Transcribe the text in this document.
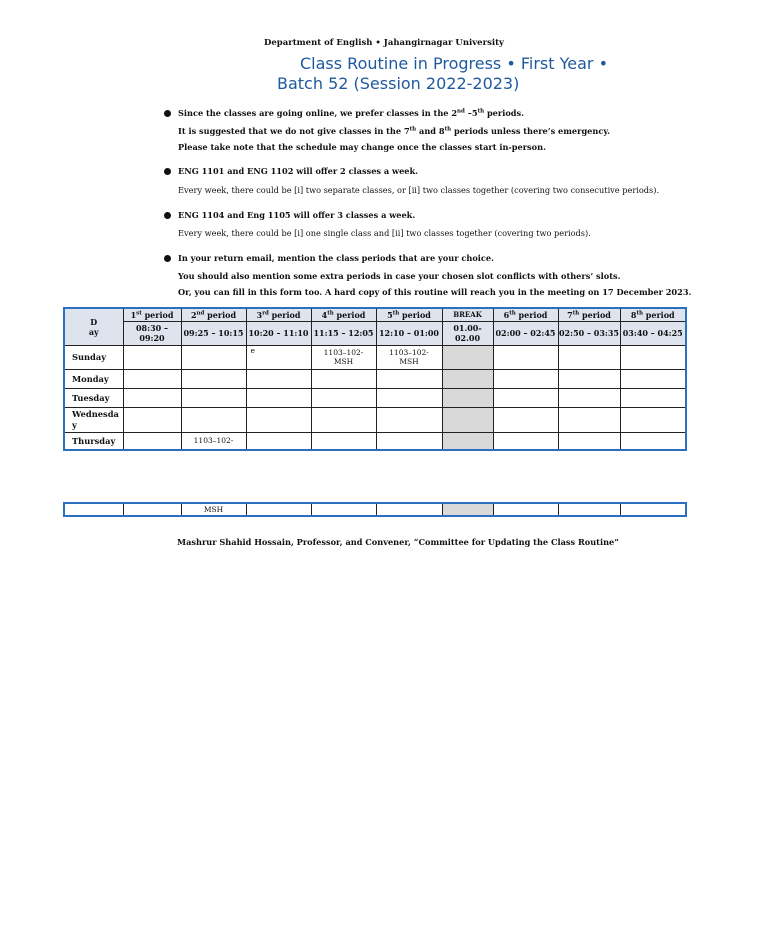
Department of English • Jahangirnagar University
Class Routine in Progress • First Year •
Batch 52 (Session 2022-2023)
Since the classes are going online, we prefer classes in the 2nd –5th periods.
It is suggested that we do not give classes in the 7th and 8th periods unless there’s emergency.
Please take note that the schedule may change once the classes start in-person.
ENG 1101 and ENG 1102 will offer 2 classes a week.
Every week, there could be [i] two separate classes, or [ii] two classes together (covering two consecutive periods).
ENG 1104 and Eng 1105 will offer 3 classes a week.
Every week, there could be [i] one single class and [ii] two classes together (covering two periods).
In your return email, mention the class periods that are your choice.
You should also mention some extra periods in case your chosen slot conflicts with others’ slots.
Or, you can fill in this form too. A hard copy of this routine will reach you in the meeting on 17 December 2023.
D
ay	1st period	2nd period	3rd period	4th period	5th period	BREAK	6th period	7th period	8th period
	08:30 – 09:20	09:25 – 10:15	10:20 – 11:10	11:15 – 12:05	12:10 – 01:00	01.00-02.00	02:00 – 02:45	02:50 – 03:35	03:40 – 04:25
Sunday			e	1103–102-MSH	1103–102-MSH				
Monday									
Tuesday									
Wednesday									
Thursday		1103–102-							
		MSH							
Mashrur Shahid Hossain, Professor, and Convener, “Committee for Updating the Class Routine”
